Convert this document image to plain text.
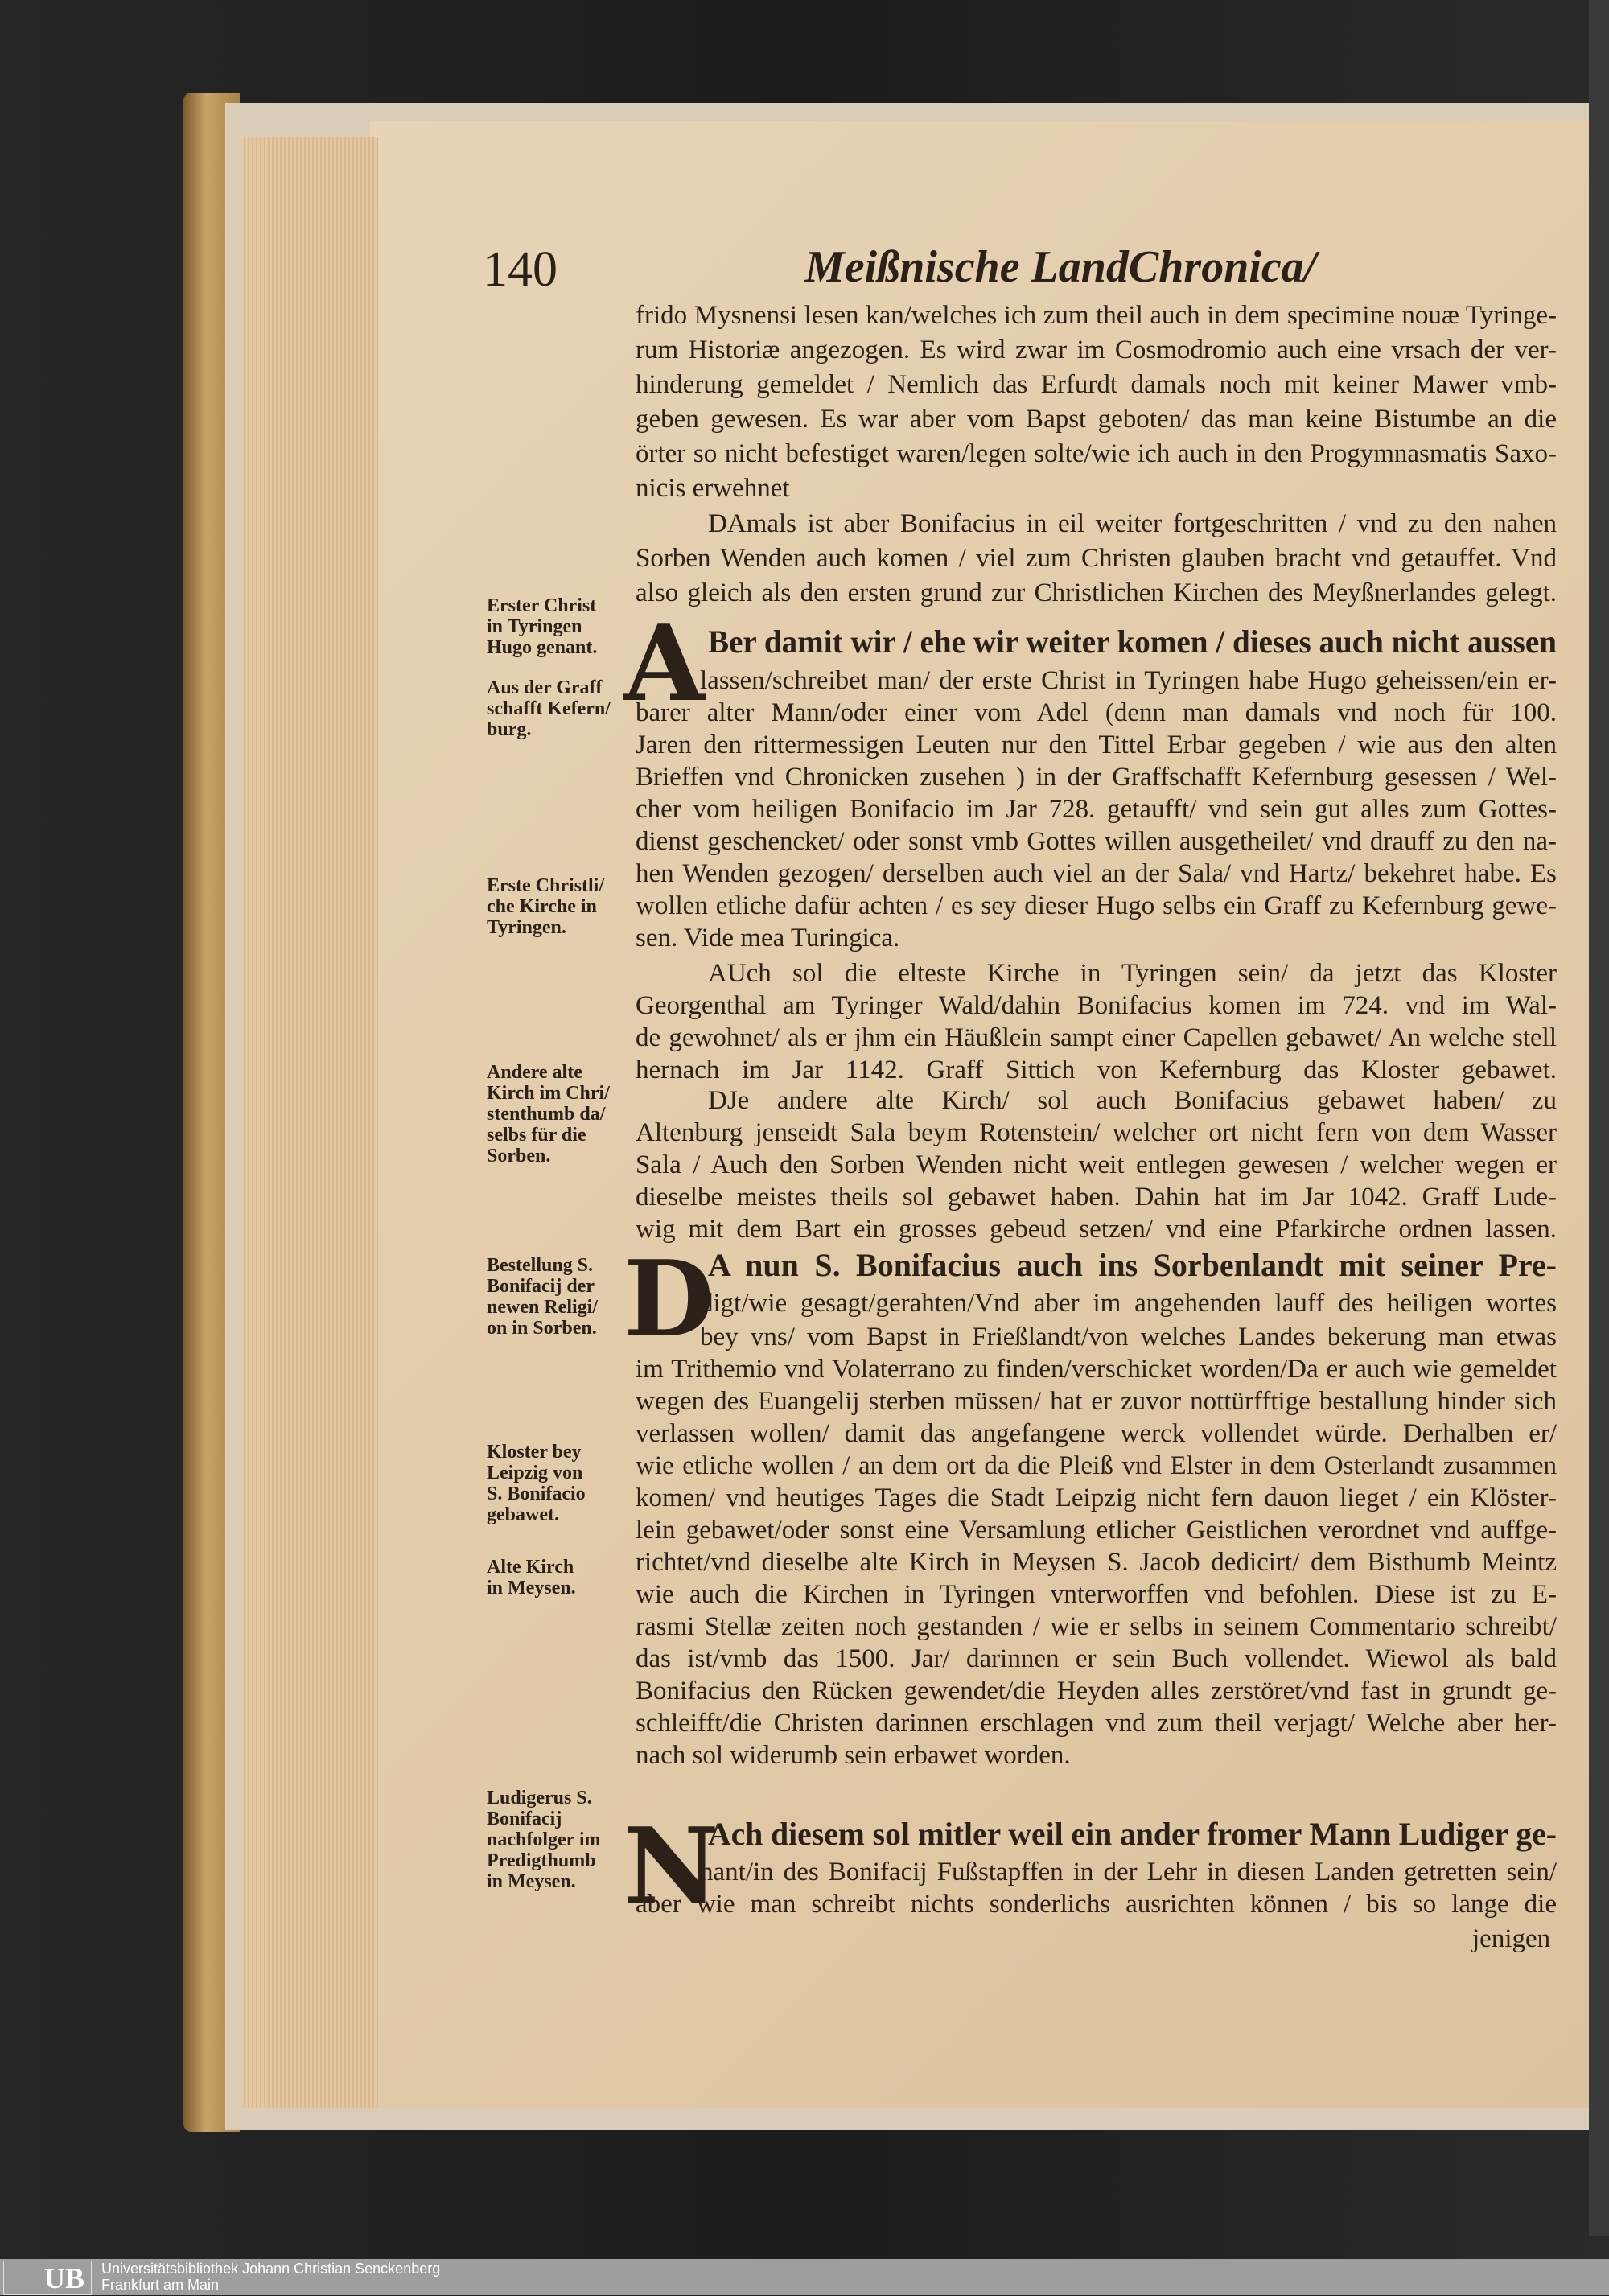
140	Meißnische LandChronica/
frido Mysnensi lesen kan/welches ich zum theil auch in dem specimine nouæ Tyringe-
rum Historiæ angezogen. Es wird zwar im Cosmodromio auch eine vrsach der ver-
hinderung gemeldet / Nemlich das Erfurdt damals noch mit keiner Mawer vmb-
geben gewesen. Es war aber vom Bapst geboten/ das man keine Bistumbe an die
örter so nicht befestiget waren/legen solte/wie ich auch in den Progymnasmatis Saxo-
nicis erwehnet
DAmals ist aber Bonifacius in eil weiter fortgeschritten / vnd zu den nahen
Sorben Wenden auch komen / viel zum Christen glauben bracht vnd getauffet. Vnd
also gleich als den ersten grund zur Christlichen Kirchen des Meyßnerlandes gelegt.
A Ber damit wir / ehe wir weiter komen / dieses auch nicht aussen
lassen/schreibet man/ der erste Christ in Tyringen habe Hugo geheissen/ein er-
barer alter Mann/oder einer vom Adel (denn man damals vnd noch für 100.
Jaren den rittermessigen Leuten nur den Tittel Erbar gegeben / wie aus den alten
Brieffen vnd Chronicken zusehen ) in der Graffschafft Kefernburg gesessen / Wel-
cher vom heiligen Bonifacio im Jar 728. getaufft/ vnd sein gut alles zum Gottes-
dienst geschencket/ oder sonst vmb Gottes willen ausgetheilet/ vnd drauff zu den na-
hen Wenden gezogen/ derselben auch viel an der Sala/ vnd Hartz/ bekehret habe. Es
wollen etliche dafür achten / es sey dieser Hugo selbs ein Graff zu Kefernburg gewe-
sen. Vide mea Turingica.
AUch sol die elteste Kirche in Tyringen sein/ da jetzt das Kloster
Georgenthal am Tyringer Wald/dahin Bonifacius komen im 724. vnd im Wal-
de gewohnet/ als er jhm ein Häußlein sampt einer Capellen gebawet/ An welche stell
hernach im Jar 1142. Graff Sittich von Kefernburg das Kloster gebawet.
DJe andere alte Kirch/ sol auch Bonifacius gebawet haben/ zu
Altenburg jenseidt Sala beym Rotenstein/ welcher ort nicht fern von dem Wasser
Sala / Auch den Sorben Wenden nicht weit entlegen gewesen / welcher wegen er
dieselbe meistes theils sol gebawet haben. Dahin hat im Jar 1042. Graff Lude-
wig mit dem Bart ein grosses gebeud setzen/ vnd eine Pfarkirche ordnen lassen.
D
A nun S. Bonifacius auch ins Sorbenlandt mit seiner Pre-
digt/wie gesagt/gerahten/Vnd aber im angehenden lauff des heiligen wortes
bey vns/ vom Bapst in Frießlandt/von welches Landes bekerung man etwas
im Trithemio vnd Volaterrano zu finden/verschicket worden/Da er auch wie gemeldet
wegen des Euangelij sterben müssen/ hat er zuvor nottürfftige bestallung hinder sich
verlassen wollen/ damit das angefangene werck vollendet würde. Derhalben er/
wie etliche wollen / an dem ort da die Pleiß vnd Elster in dem Osterlandt zusammen
komen/ vnd heutiges Tages die Stadt Leipzig nicht fern dauon lieget / ein Klöster-
lein gebawet/oder sonst eine Versamlung etlicher Geistlichen verordnet vnd auffge-
richtet/vnd dieselbe alte Kirch in Meysen S. Jacob dedicirt/ dem Bisthumb Meintz
wie auch die Kirchen in Tyringen vnterworffen vnd befohlen. Diese ist zu E-
rasmi Stellæ zeiten noch gestanden / wie er selbs in seinem Commentario schreibt/
das ist/vmb das 1500. Jar/ darinnen er sein Buch vollendet. Wiewol als bald
Bonifacius den Rücken gewendet/die Heyden alles zerstöret/vnd fast in grundt ge-
schleifft/die Christen darinnen erschlagen vnd zum theil verjagt/ Welche aber her-
nach sol widerumb sein erbawet worden.
N
Ach diesem sol mitler weil ein ander fromer Mann Ludiger ge-
nant/in des Bonifacij Fußstapffen in der Lehr in diesen Landen getretten sein/
aber wie man schreibt nichts sonderlichs ausrichten können / bis so lange die
jenigen
Erster Christ
in Tyringen
Hugo genant.
Aus der Graff
schafft Kefern/
burg.
Erste Christli/
che Kirche in
Tyringen.
Andere alte
Kirch im Chri/
stenthumb da/
selbs für die
Sorben.
Bestellung S.
Bonifacij der
newen Religi/
on in Sorben.
Kloster bey
Leipzig von
S. Bonifacio
gebawet.
Alte Kirch
in Meysen.
Ludigerus S.
Bonifacij
nachfolger im
Predigthumb
in Meysen.
UB	Universitätsbibliothek Johann Christian Senckenberg
Frankfurt am Main
